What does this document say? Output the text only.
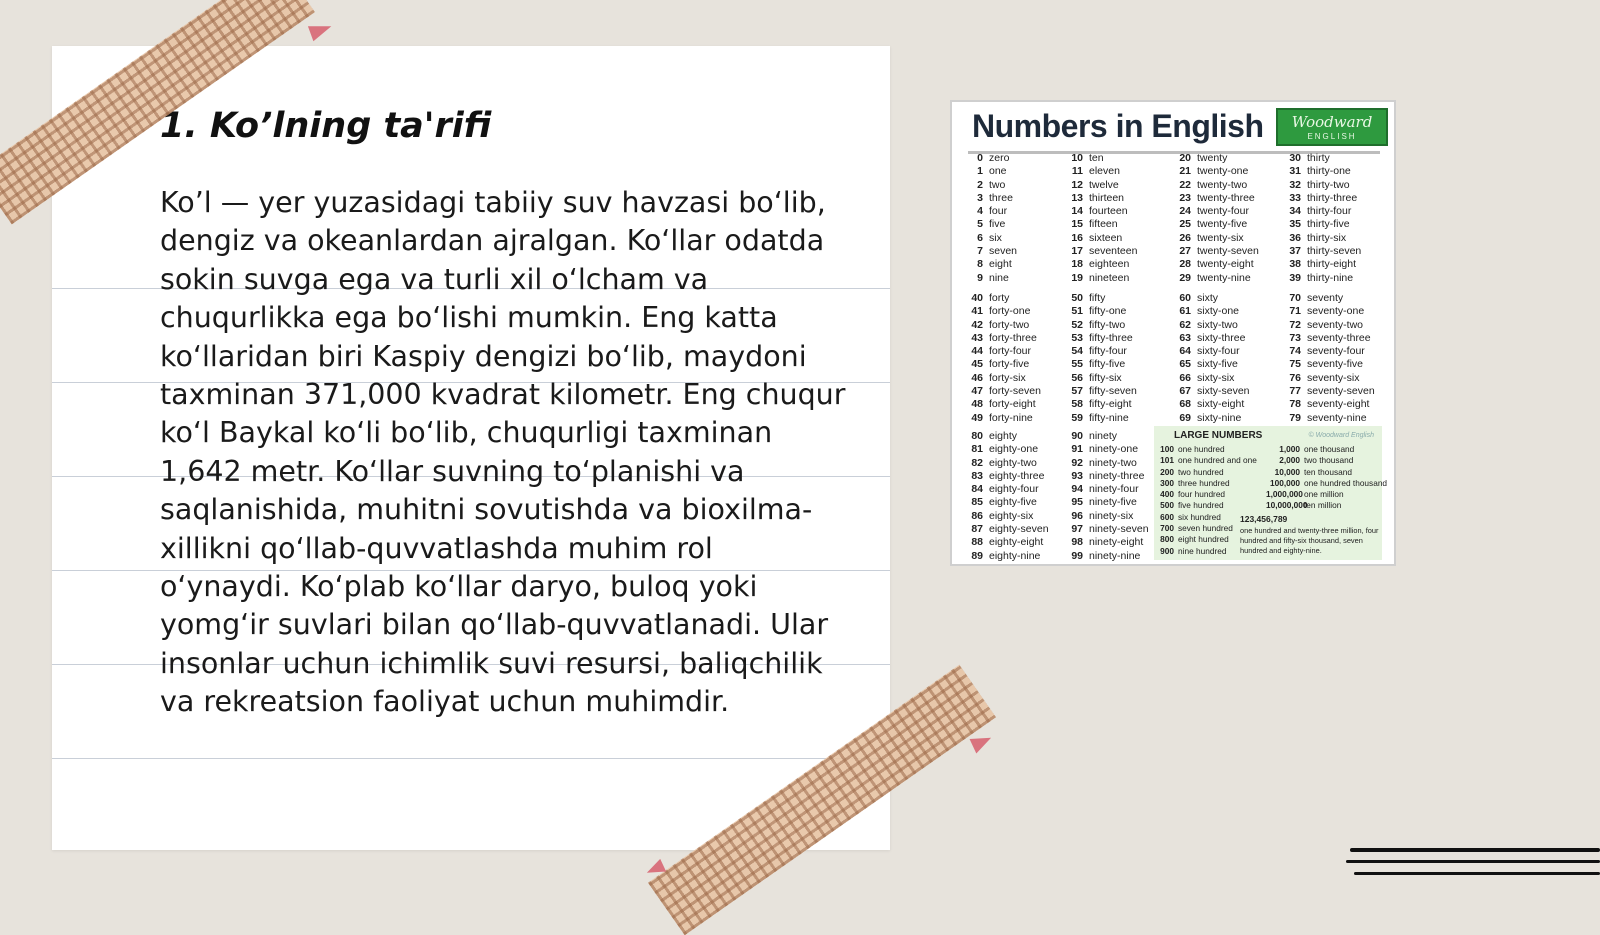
1. Ko’lning ta'rifi

Ko’l — yer yuzasidagi tabiiy suv havzasi bo‘lib, dengiz va okeanlardan ajralgan. Ko‘llar odatda sokin suvga ega va turli xil o‘lcham va chuqurlikka ega bo‘lishi mumkin. Eng katta ko‘llaridan biri Kaspiy dengizi bo‘lib, maydoni taxminan 371,000 kvadrat kilometr. Eng chuqur ko‘l Baykal ko‘li bo‘lib, chuqurligi taxminan 1,642 metr. Ko‘llar suvning to‘planishi va saqlanishida, muhitni sovutishda va bioxilma-xillikni qo‘llab-quvvatlashda muhim rol o‘ynaydi. Ko‘plab ko‘llar daryo, buloq yoki yomg‘ir suvlari bilan qo‘llab-quvvatlanadi. Ular insonlar uchun ichimlik suvi resursi, baliqchilik va rekreatsion faoliyat uchun muhimdir.

Numbers in English	Woodward
ENGLISH
0 zero
1 one
2 two
3 three
4 four
5 five
6 six
7 seven
8 eight
9 nine
10 ten
11 eleven
12 twelve
13 thirteen
14 fourteen
15 fifteen
16 sixteen
17 seventeen
18 eighteen
19 nineteen
20 twenty
21 twenty-one
22 twenty-two
23 twenty-three
24 twenty-four
25 twenty-five
26 twenty-six
27 twenty-seven
28 twenty-eight
29 twenty-nine
30 thirty
31 thirty-one
32 thirty-two
33 thirty-three
34 thirty-four
35 thirty-five
36 thirty-six
37 thirty-seven
38 thirty-eight
39 thirty-nine
40 forty
41 forty-one
42 forty-two
43 forty-three
44 forty-four
45 forty-five
46 forty-six
47 forty-seven
48 forty-eight
49 forty-nine
50 fifty
51 fifty-one
52 fifty-two
53 fifty-three
54 fifty-four
55 fifty-five
56 fifty-six
57 fifty-seven
58 fifty-eight
59 fifty-nine
60 sixty
61 sixty-one
62 sixty-two
63 sixty-three
64 sixty-four
65 sixty-five
66 sixty-six
67 sixty-seven
68 sixty-eight
69 sixty-nine
70 seventy
71 seventy-one
72 seventy-two
73 seventy-three
74 seventy-four
75 seventy-five
76 seventy-six
77 seventy-seven
78 seventy-eight
79 seventy-nine
80 eighty
81 eighty-one
82 eighty-two
83 eighty-three
84 eighty-four
85 eighty-five
86 eighty-six
87 eighty-seven
88 eighty-eight
89 eighty-nine
90 ninety
91 ninety-one
92 ninety-two
93 ninety-three
94 ninety-four
95 ninety-five
96 ninety-six
97 ninety-seven
98 ninety-eight
99 ninety-nine
LARGE NUMBERS	© Woodward English
100 one hundred
101 one hundred and one
200 two hundred
300 three hundred
400 four hundred
500 five hundred
600 six hundred
700 seven hundred
800 eight hundred
900 nine hundred
1,000 one thousand
2,000 two thousand
10,000 ten thousand
100,000 one hundred thousand
1,000,000one million
10,000,000ten million
123,456,789
one hundred and twenty-three million, four hundred and fifty-six thousand, seven hundred and eighty-nine.
